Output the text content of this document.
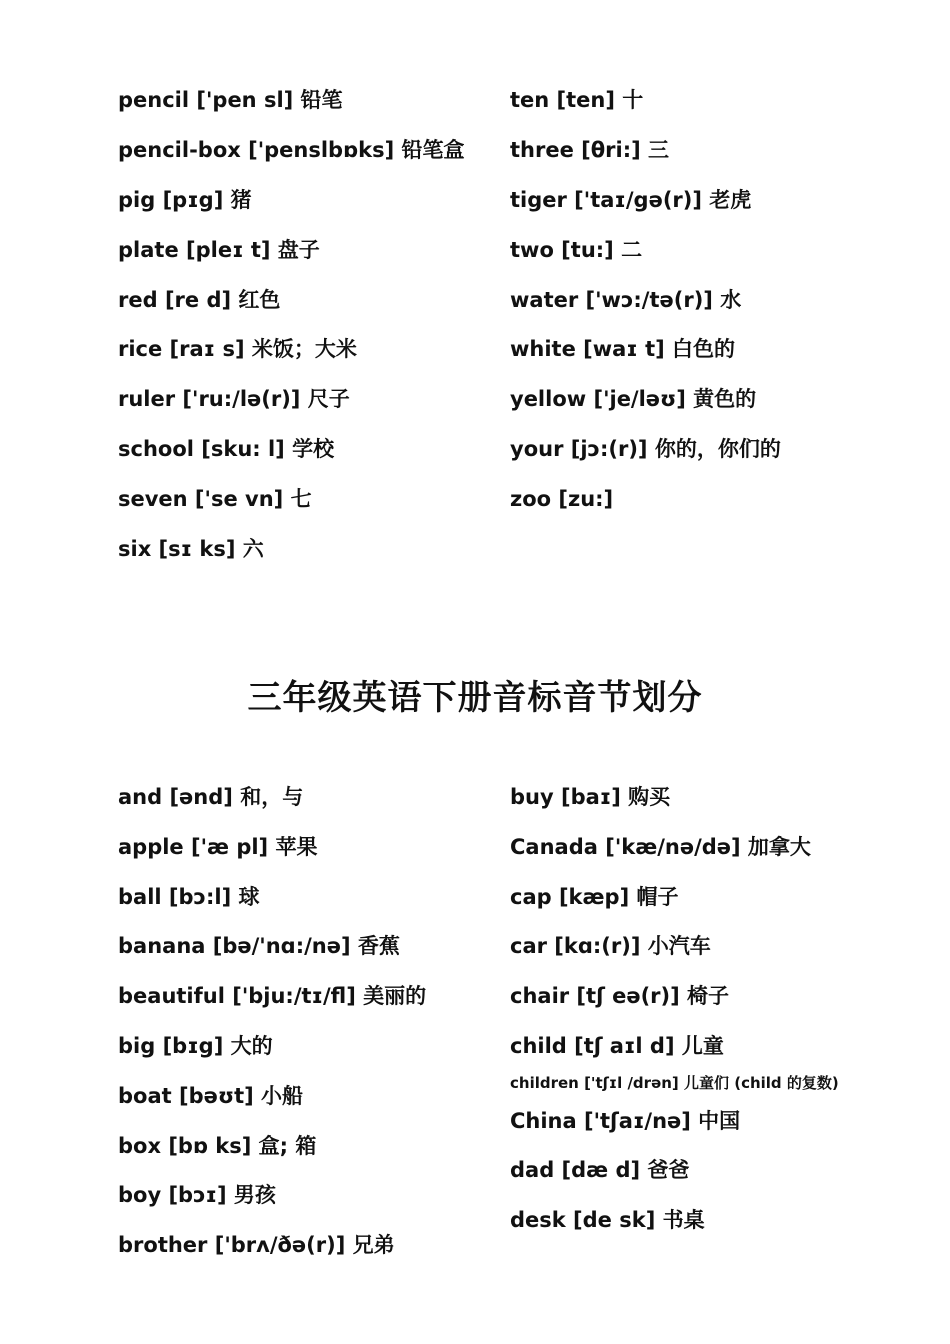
pencil ['pen sl] 铅笔
pencil-box ['penslbɒks] 铅笔盒
pig [pɪg] 猪
plate [pleɪ t] 盘子
red [re d] 红色
rice [raɪ s] 米饭；大米
ruler ['ru:/lə(r)] 尺子
school [sku: l] 学校
seven ['se vn] 七
six [sɪ ks] 六
ten [ten] 十
three [θri:] 三
tiger ['taɪ/gə(r)] 老虎
two [tu:] 二
water ['wɔ:/tə(r)] 水
white [waɪ t] 白色的
yellow ['je/ləʊ] 黄色的
your [jɔ:(r)] 你的，你们的
zoo [zu:]
三年级英语下册音标音节划分
and [ənd] 和，与
apple ['æ pl] 苹果
ball [bɔ:l] 球
banana [bə/'nɑ:/nə] 香蕉
beautiful ['bju:/tɪ/fl] 美丽的
big [bɪg] 大的
boat [bəʊt] 小船
box [bɒ ks] 盒; 箱
boy [bɔɪ] 男孩
brother ['brʌ/ðə(r)] 兄弟
buy [baɪ] 购买
Canada ['kæ/nə/də] 加拿大
cap [kæp] 帽子
car [kɑ:(r)] 小汽车
chair [tʃ eə(r)] 椅子
child [tʃ aɪl d] 儿童
children ['tʃɪl /drən] 儿童们 (child 的复数)
China ['tʃaɪ/nə] 中国
dad [dæ d] 爸爸
desk [de sk] 书桌
